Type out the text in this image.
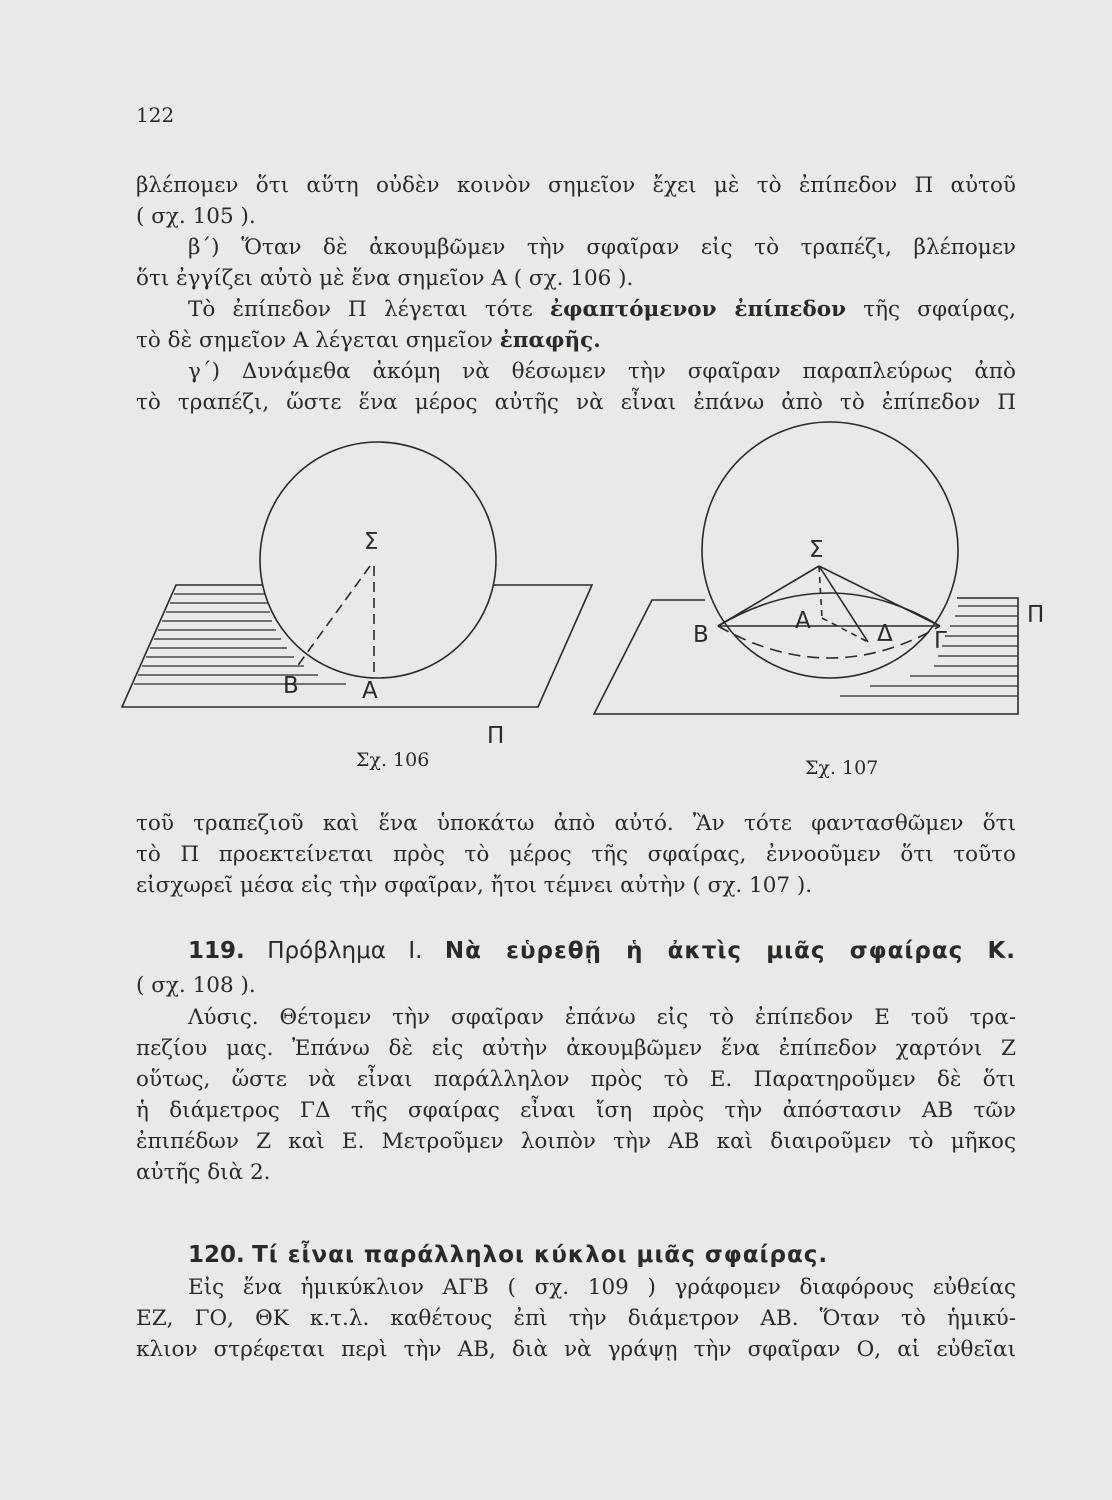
122
βλέπομεν ὅτι αὕτη οὐδὲν κοινὸν σημεῖον ἔχει μὲ τὸ ἐπίπεδον Π αὐτοῦ
( σχ. 105 ).
β΄) Ὅταν δὲ ἀκουμβῶμεν τὴν σφαῖραν εἰς τὸ τραπέζι, βλέπομεν
ὅτι ἐγγίζει αὐτὸ μὲ ἕνα σημεῖον Α ( σχ. 106 ).
Τὸ ἐπίπεδον Π λέγεται τότε ἐφαπτόμενον ἐπίπεδον τῆς σφαίρας,
τὸ δὲ σημεῖον Α λέγεται σημεῖον ἐπαφῆς.
γ΄) Δυνάμεθα ἀκόμη νὰ θέσωμεν τὴν σφαῖραν παραπλεύρως ἀπὸ
τὸ τραπέζι, ὥστε ἕνα μέρος αὐτῆς νὰ εἶναι ἐπάνω ἀπὸ τὸ ἐπίπεδον Π
Σ
Β	Α
Π
Σ
Β
Α	Δ Γ
Π
Σχ. 106	Σχ. 107
τοῦ τραπεζιοῦ καὶ ἕνα ὑποκάτω ἀπὸ αὐτό. Ἂν τότε φαντασθῶμεν ὅτι
τὸ Π προεκτείνεται πρὸς τὸ μέρος τῆς σφαίρας, ἐννοοῦμεν ὅτι τοῦτο
εἰσχωρεῖ μέσα εἰς τὴν σφαῖραν, ἤτοι τέμνει αὐτὴν ( σχ. 107 ).
119. Πρόβλημα Ι. Νὰ εὑρεθῇ ἡ ἀκτὶς μιᾶς σφαίρας Κ.
( σχ. 108 ).
Λύσις. Θέτομεν τὴν σφαῖραν ἐπάνω εἰς τὸ ἐπίπεδον Ε τοῦ τρα-
πεζίου μας. Ἐπάνω δὲ εἰς αὐτὴν ἀκουμβῶμεν ἕνα ἐπίπεδον χαρτόνι Ζ
οὕτως, ὥστε νὰ εἶναι παράλληλον πρὸς τὸ Ε. Παρατηροῦμεν δὲ ὅτι
ἡ διάμετρος ΓΔ τῆς σφαίρας εἶναι ἴση πρὸς τὴν ἀπόστασιν ΑΒ τῶν
ἐπιπέδων Ζ καὶ Ε. Μετροῦμεν λοιπὸν τὴν ΑΒ καὶ διαιροῦμεν τὸ μῆκος
αὐτῆς διὰ 2.
120. Τί εἶναι παράλληλοι κύκλοι μιᾶς σφαίρας.
Εἰς ἕνα ἡμικύκλιον ΑΓΒ ( σχ. 109 ) γράφομεν διαφόρους εὐθείας
ΕΖ, ΓΟ, ΘΚ κ.τ.λ. καθέτους ἐπὶ τὴν διάμετρον ΑΒ. Ὅταν τὸ ἡμικύ-
κλιον στρέφεται περὶ τὴν ΑΒ, διὰ νὰ γράψῃ τὴν σφαῖραν Ο, αἱ εὐθεῖαι
